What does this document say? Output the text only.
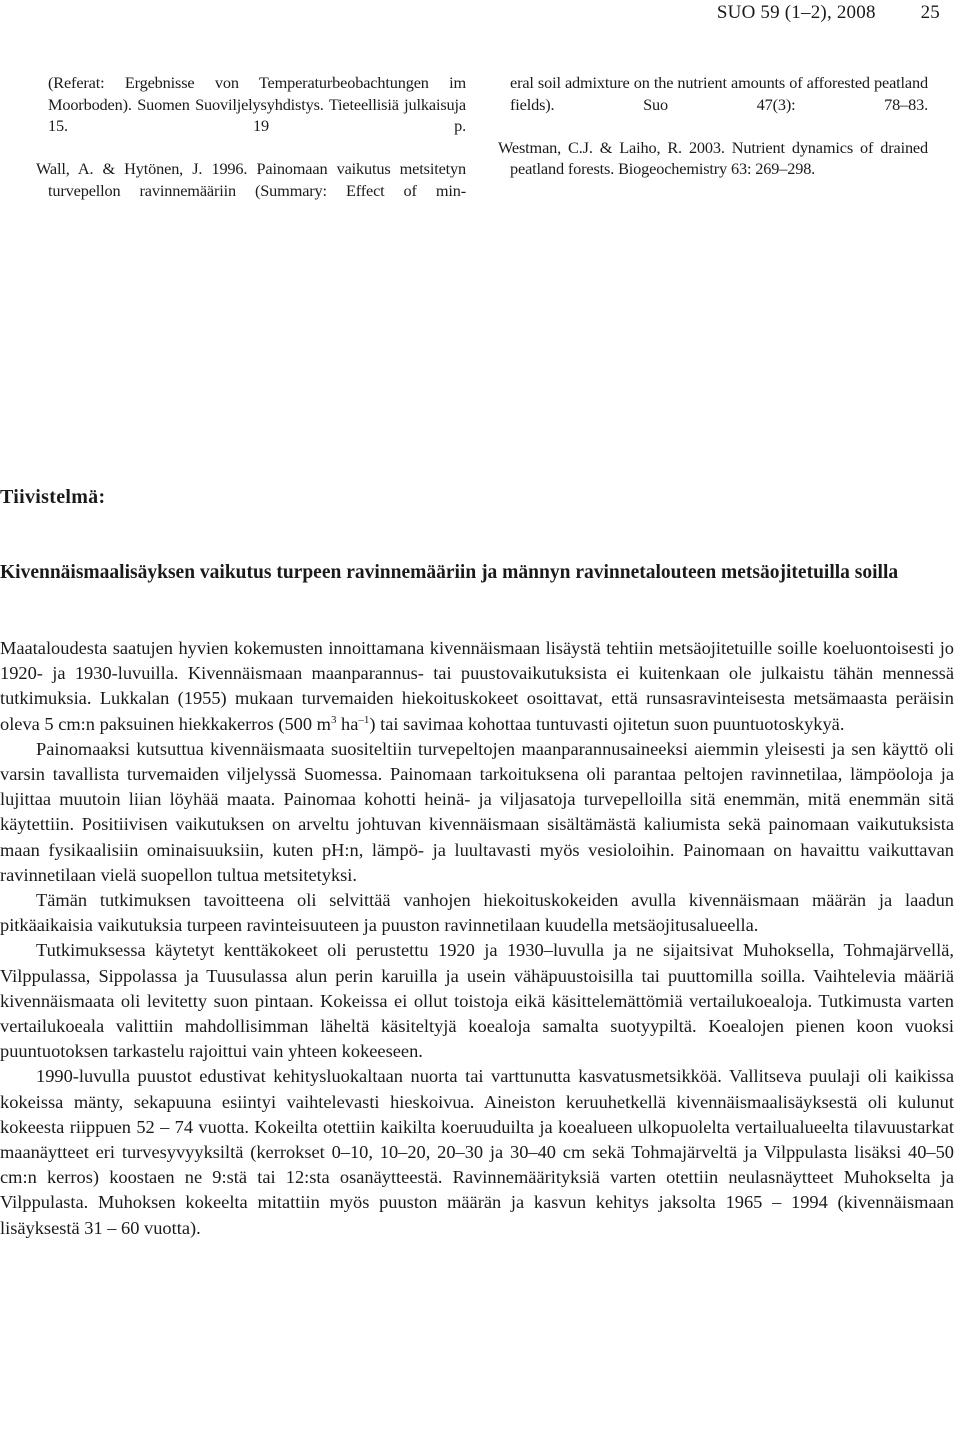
SUO 59 (1–2), 2008 25

(Referat: Ergebnisse von Temperaturbeobachtungen im Moorboden). Suomen Suoviljelysyhdistys. Tieteellisiä julkaisuja 15. 19 p.

Wall, A. & Hytönen, J. 1996. Painomaan vaikutus metsitetyn turvepellon ravinnemääriin (Summary: Effect of min-

eral soil admixture on the nutrient amounts of afforested peatland fields). Suo 47(3): 78–83.

Westman, C.J. & Laiho, R. 2003. Nutrient dynamics of drained peatland forests. Biogeochemistry 63: 269–298.

Tiivistelmä:
Kivennäismaalisäyksen vaikutus turpeen ravinnemääriin ja männyn ravinnetalouteen metsäojitetuilla soilla

Maataloudesta saatujen hyvien kokemusten innoittamana kivennäismaan lisäystä tehtiin metsäojitetuille soille koeluontoisesti jo 1920- ja 1930-luvuilla. Kivennäismaan maanparannus- tai puustovaikutuksista ei kuitenkaan ole julkaistu tähän mennessä tutkimuksia. Lukkalan (1955) mukaan turvemaiden hiekoituskokeet osoittavat, että runsasravinteisesta metsämaasta peräisin oleva 5 cm:n paksuinen hiekkakerros (500 $m^3$ $ha^{-1}$) tai savimaa kohottaa tuntuvasti ojitetun suon puuntuotoskykyä.

Painomaaksi kutsuttua kivennäismaata suositeltiin turvepeltojen maanparannusaineeksi aiemmin yleisesti ja sen käyttö oli varsin tavallista turvemaiden viljelyssä Suomessa. Painomaan tarkoituksena oli parantaa peltojen ravinnetilaa, lämpöoloja ja lujittaa muutoin liian löyhää maata. Painomaa kohotti heinä- ja viljasatoja turvepelloilla sitä enemmän, mitä enemmän sitä käytettiin. Positiivisen vaikutuksen on arveltu johtuvan kivennäismaan sisältämästä kaliumista sekä painomaan vaikutuksista maan fysikaalisiin ominaisuuksiin, kuten pH:n, lämpö- ja luultavasti myös vesioloihin. Painomaan on havaittu vaikuttavan ravinnetilaan vielä suopellon tultua metsitetyksi.

Tämän tutkimuksen tavoitteena oli selvittää vanhojen hiekoituskokeiden avulla kivennäismaan määrän ja laadun pitkäaikaisia vaikutuksia turpeen ravinteisuuteen ja puuston ravinnetilaan kuudella metsäojitusalueella.

Tutkimuksessa käytetyt kenttäkokeet oli perustettu 1920 ja 1930–luvulla ja ne sijaitsivat Muhoksella, Tohmajärvellä, Vilppulassa, Sippolassa ja Tuusulassa alun perin karuilla ja usein vähäpuustoisilla tai puuttomilla soilla. Vaihtelevia määriä kivennäismaata oli levitetty suon pintaan. Kokeissa ei ollut toistoja eikä käsittelemättömiä vertailukoealoja. Tutkimusta varten vertailukoeala valittiin mahdollisimman läheltä käsiteltyjä koealoja samalta suotyypiltä. Koealojen pienen koon vuoksi puuntuotoksen tarkastelu rajoittui vain yhteen kokeeseen.

1990-luvulla puustot edustivat kehitysluokaltaan nuorta tai varttunutta kasvatusmetsikköä. Vallitseva puulaji oli kaikissa kokeissa mänty, sekapuuna esiintyi vaihtelevasti hieskoivua. Aineiston keruuhetkellä kivennäismaalisäyksestä oli kulunut kokeesta riippuen 52 – 74 vuotta. Kokeilta otettiin kaikilta koeruuduilta ja koealueen ulkopuolelta vertailualueelta tilavuustarkat maanäytteet eri turvesyvyyksiltä (kerrokset 0–10, 10–20, 20–30 ja 30–40 cm sekä Tohmajärveltä ja Vilppulasta lisäksi 40–50 cm:n kerros) koostaen ne 9:stä tai 12:sta osanäytteestä. Ravinnemäärityksiä varten otettiin neulasnäytteet Muhokselta ja Vilppulasta. Muhoksen kokeelta mitattiin myös puuston määrän ja kasvun kehitys jaksolta 1965 – 1994 (kivennäismaan lisäyksestä 31 – 60 vuotta).
